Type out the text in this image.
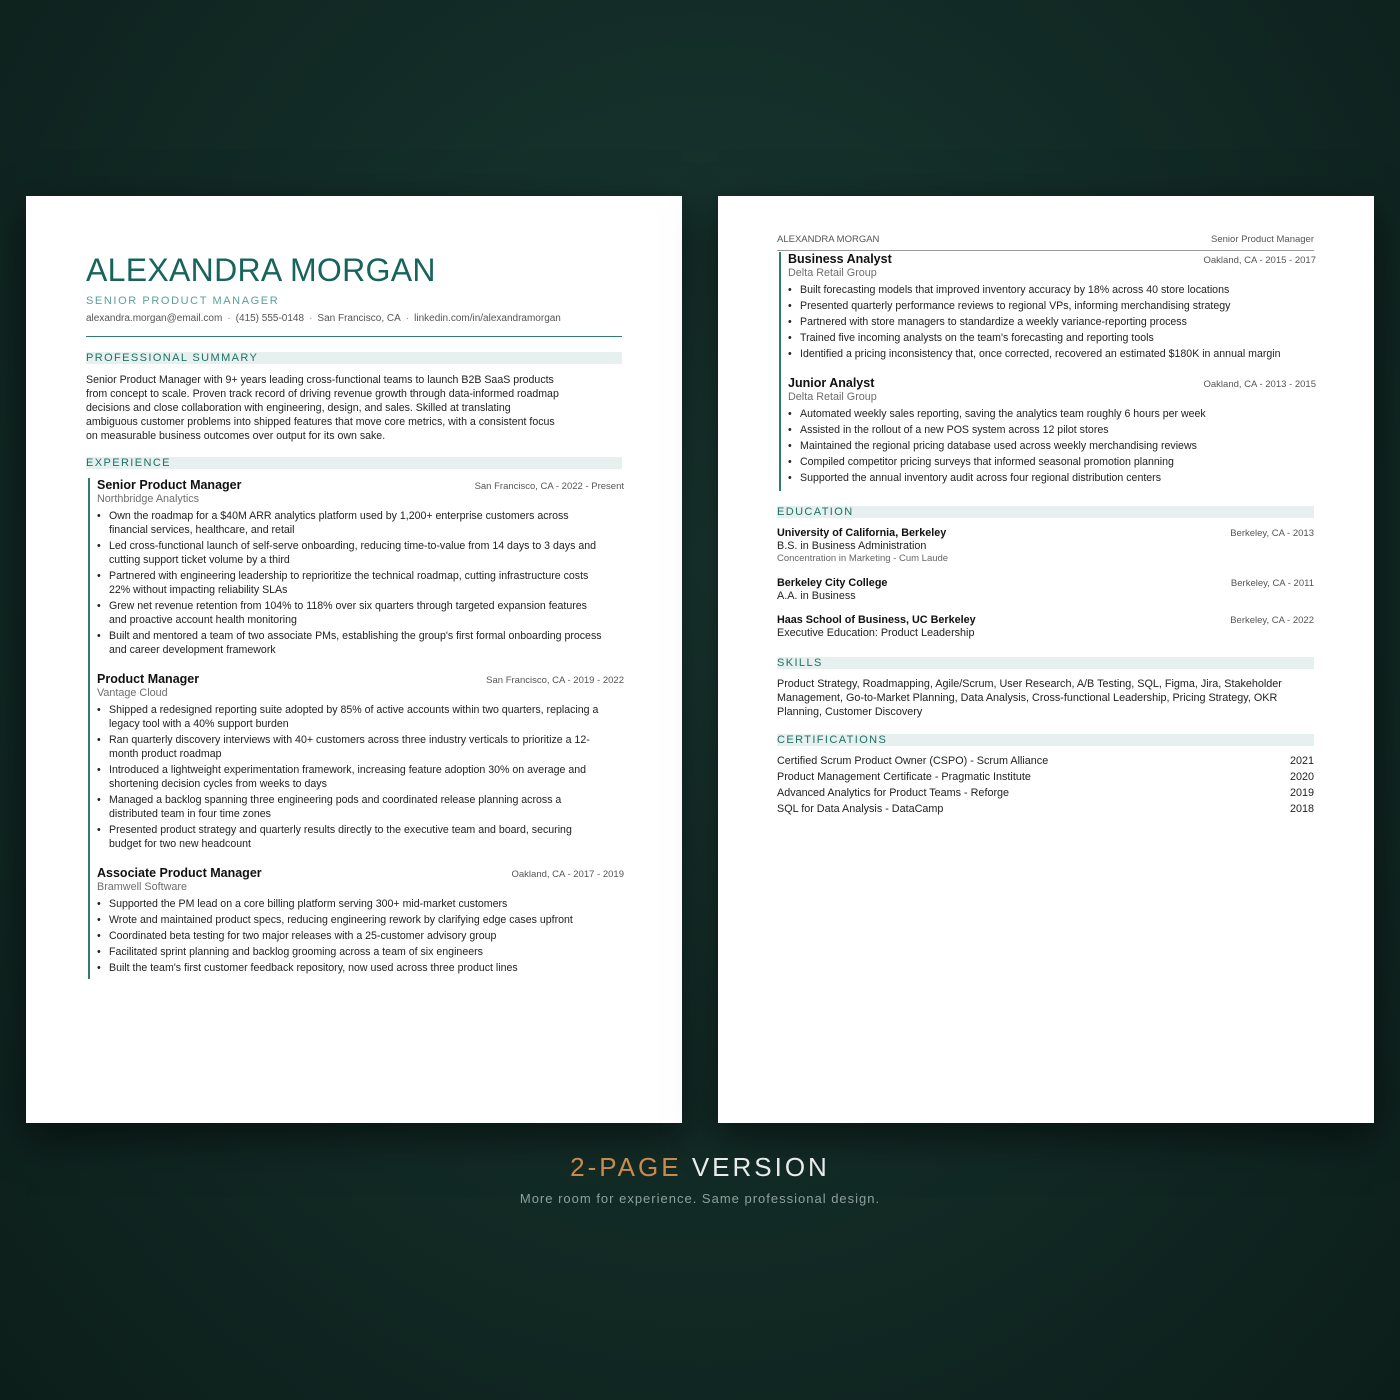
ALEXANDRA MORGAN
SENIOR PRODUCT MANAGER
alexandra.morgan@email.com · (415) 555-0148 · San Francisco, CA · linkedin.com/in/alexandramorgan
PROFESSIONAL SUMMARY
Senior Product Manager with 9+ years leading cross-functional teams to launch B2B SaaS products
from concept to scale. Proven track record of driving revenue growth through data-informed roadmap
decisions and close collaboration with engineering, design, and sales. Skilled at translating
ambiguous customer problems into shipped features that move core metrics, with a consistent focus
on measurable business outcomes over output for its own sake.
EXPERIENCE
Senior Product Manager	San Francisco, CA - 2022 - Present
Northbridge Analytics
• Own the roadmap for a $40M ARR analytics platform used by 1,200+ enterprise customers across
financial services, healthcare, and retail
• Led cross-functional launch of self-serve onboarding, reducing time-to-value from 14 days to 3 days and
cutting support ticket volume by a third
• Partnered with engineering leadership to reprioritize the technical roadmap, cutting infrastructure costs
22% without impacting reliability SLAs
• Grew net revenue retention from 104% to 118% over six quarters through targeted expansion features
and proactive account health monitoring
• Built and mentored a team of two associate PMs, establishing the group's first formal onboarding process
and career development framework
Product Manager	San Francisco, CA - 2019 - 2022
Vantage Cloud
• Shipped a redesigned reporting suite adopted by 85% of active accounts within two quarters, replacing a
legacy tool with a 40% support burden
• Ran quarterly discovery interviews with 40+ customers across three industry verticals to prioritize a 12-
month product roadmap
• Introduced a lightweight experimentation framework, increasing feature adoption 30% on average and
shortening decision cycles from weeks to days
• Managed a backlog spanning three engineering pods and coordinated release planning across a
distributed team in four time zones
• Presented product strategy and quarterly results directly to the executive team and board, securing
budget for two new headcount
Associate Product Manager	Oakland, CA - 2017 - 2019
Bramwell Software
• Supported the PM lead on a core billing platform serving 300+ mid-market customers
• Wrote and maintained product specs, reducing engineering rework by clarifying edge cases upfront
• Coordinated beta testing for two major releases with a 25-customer advisory group
• Facilitated sprint planning and backlog grooming across a team of six engineers
• Built the team's first customer feedback repository, now used across three product lines
ALEXANDRA MORGAN	Senior Product Manager
Business Analyst	Oakland, CA - 2015 - 2017
Delta Retail Group
• Built forecasting models that improved inventory accuracy by 18% across 40 store locations
• Presented quarterly performance reviews to regional VPs, informing merchandising strategy
• Partnered with store managers to standardize a weekly variance-reporting process
• Trained five incoming analysts on the team's forecasting and reporting tools
• Identified a pricing inconsistency that, once corrected, recovered an estimated $180K in annual margin
Junior Analyst	Oakland, CA - 2013 - 2015
Delta Retail Group
• Automated weekly sales reporting, saving the analytics team roughly 6 hours per week
• Assisted in the rollout of a new POS system across 12 pilot stores
• Maintained the regional pricing database used across weekly merchandising reviews
• Compiled competitor pricing surveys that informed seasonal promotion planning
• Supported the annual inventory audit across four regional distribution centers
EDUCATION
University of California, Berkeley	Berkeley, CA - 2013
B.S. in Business Administration
Concentration in Marketing - Cum Laude
Berkeley City College	Berkeley, CA - 2011
A.A. in Business
Haas School of Business, UC Berkeley	Berkeley, CA - 2022
Executive Education: Product Leadership
SKILLS
Product Strategy, Roadmapping, Agile/Scrum, User Research, A/B Testing, SQL, Figma, Jira, Stakeholder
Management, Go-to-Market Planning, Data Analysis, Cross-functional Leadership, Pricing Strategy, OKR
Planning, Customer Discovery
CERTIFICATIONS
Certified Scrum Product Owner (CSPO) - Scrum Alliance	2021
Product Management Certificate - Pragmatic Institute	2020
Advanced Analytics for Product Teams - Reforge	2019
SQL for Data Analysis - DataCamp	2018
2-PAGE VERSION
More room for experience. Same professional design.
